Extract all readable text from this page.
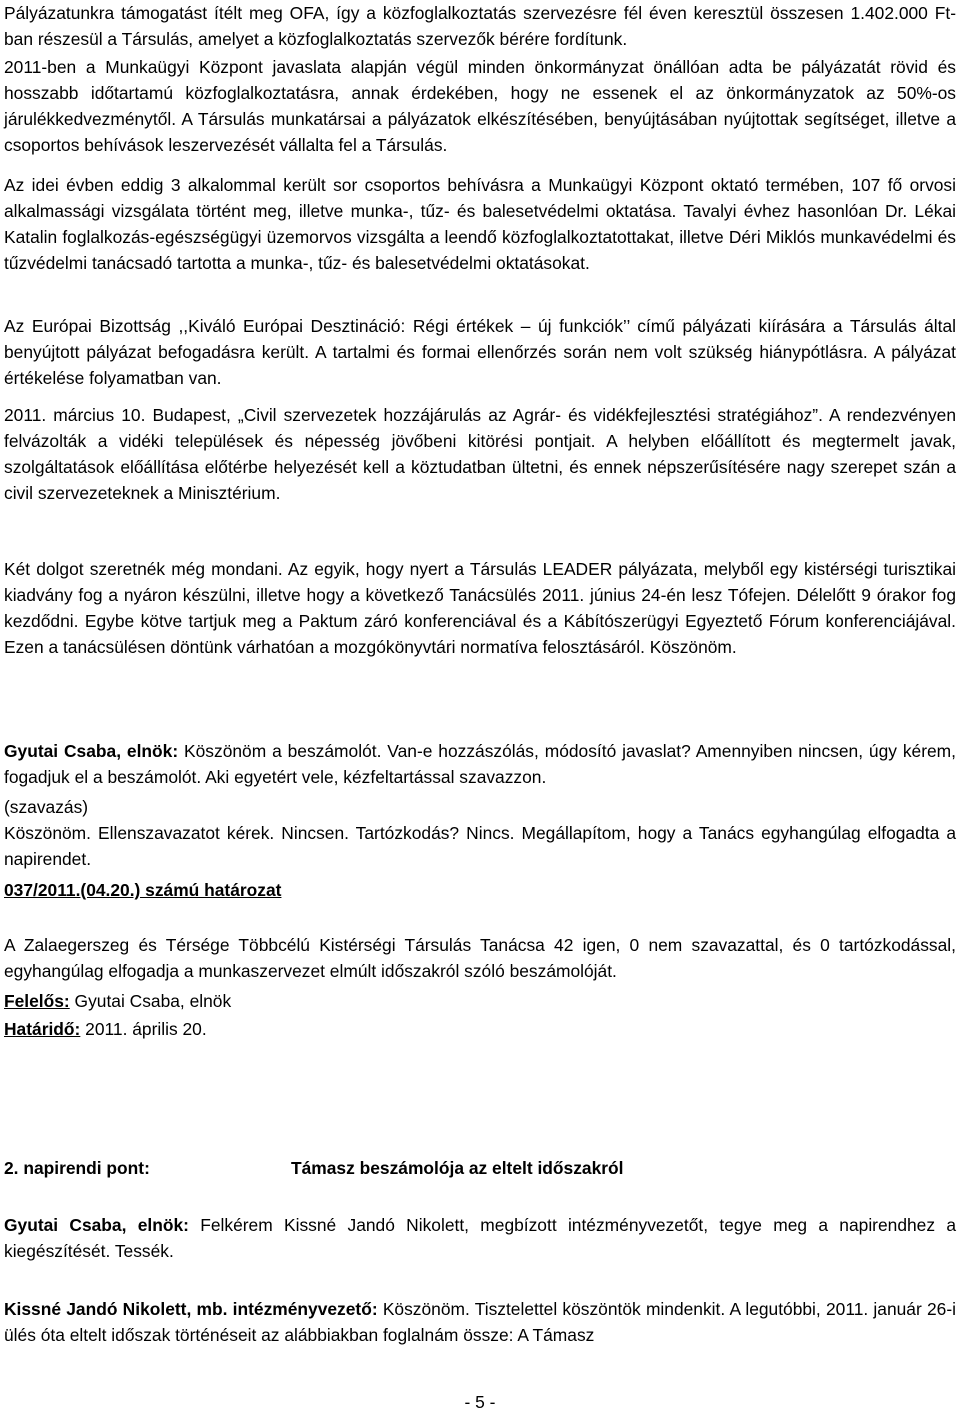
Pályázatunkra támogatást ítélt meg OFA, így a közfoglalkoztatás szervezésre fél éven keresztül összesen 1.402.000 Ft-ban részesül a Társulás, amelyet a közfoglalkoztatás szervezők bérére fordítunk.

2011-ben a Munkaügyi Központ javaslata alapján végül minden önkormányzat önállóan adta be pályázatát rövid és hosszabb időtartamú közfoglalkoztatásra, annak érdekében, hogy ne essenek el az önkormányzatok az 50%-os járulékkedvezménytől. A Társulás munkatársai a pályázatok elkészítésében, benyújtásában nyújtottak segítséget, illetve a csoportos behívások leszervezését vállalta fel a Társulás.

Az idei évben eddig 3 alkalommal került sor csoportos behívásra a Munkaügyi Központ oktató termében, 107 fő orvosi alkalmassági vizsgálata történt meg, illetve munka-, tűz- és balesetvédelmi oktatása. Tavalyi évhez hasonlóan Dr. Lékai Katalin foglalkozás-egészségügyi üzemorvos vizsgálta a leendő közfoglalkoztatottakat, illetve Déri Miklós munkavédelmi és tűzvédelmi tanácsadó tartotta a munka-, tűz- és balesetvédelmi oktatásokat.

Az Európai Bizottság ,,Kiváló Európai Desztináció: Régi értékek – új funkciók’’ című pályázati kiírására a Társulás által benyújtott pályázat befogadásra került. A tartalmi és formai ellenőrzés során nem volt szükség hiánypótlásra. A pályázat értékelése folyamatban van.

2011. március 10. Budapest, „Civil szervezetek hozzájárulás az Agrár- és vidékfejlesztési stratégiához”. A rendezvényen felvázolták a vidéki települések és népesség jövőbeni kitörési pontjait. A helyben előállított és megtermelt javak, szolgáltatások előállítása előtérbe helyezését kell a köztudatban ültetni, és ennek népszerűsítésére nagy szerepet szán a civil szervezeteknek a Minisztérium.

Két dolgot szeretnék még mondani. Az egyik, hogy nyert a Társulás LEADER pályázata, melyből egy kistérségi turisztikai kiadvány fog a nyáron készülni, illetve hogy a következő Tanácsülés 2011. június 24-én lesz Tófejen. Délelőtt 9 órakor fog kezdődni. Egybe kötve tartjuk meg a Paktum záró konferenciával és a Kábítószerügyi Egyeztető Fórum konferenciájával. Ezen a tanácsülésen döntünk várhatóan a mozgókönyvtári normatíva felosztásáról. Köszönöm.

Gyutai Csaba, elnök: Köszönöm a beszámolót. Van-e hozzászólás, módosító javaslat? Amennyiben nincsen, úgy kérem, fogadjuk el a beszámolót. Aki egyetért vele, kézfeltartással szavazzon.

(szavazás)

Köszönöm. Ellenszavazatot kérek. Nincsen. Tartózkodás? Nincs. Megállapítom, hogy a Tanács egyhangúlag elfogadta a napirendet.

037/2011.(04.20.) számú határozat

A Zalaegerszeg és Térsége Többcélú Kistérségi Társulás Tanácsa 42 igen, 0 nem szavazattal, és 0 tartózkodással, egyhangúlag elfogadja a munkaszervezet elmúlt időszakról szóló beszámolóját.

Felelős: Gyutai Csaba, elnök

Határidő: 2011. április 20.

2. napirendi pont:	Támasz beszámolója az eltelt időszakról

Gyutai Csaba, elnök: Felkérem Kissné Jandó Nikolett, megbízott intézményvezetőt, tegye meg a napirendhez a kiegészítését. Tessék.

Kissné Jandó Nikolett, mb. intézményvezető: Köszönöm. Tisztelettel köszöntök mindenkit. A legutóbbi, 2011. január 26-i ülés óta eltelt időszak történéseit az alábbiakban foglalnám össze: A Támasz

- 5 -
